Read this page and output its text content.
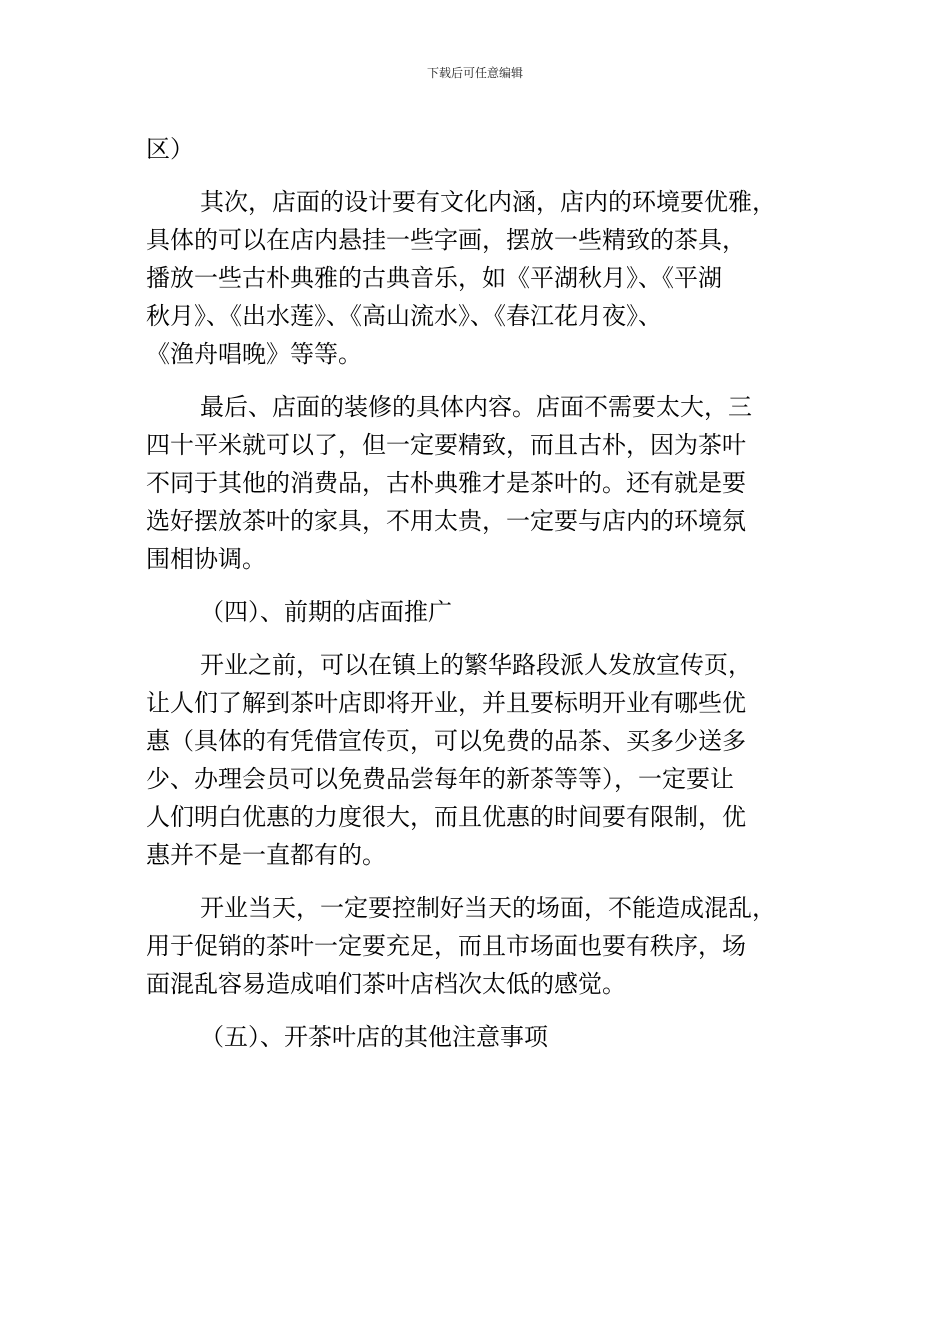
下载后可任意编辑
区）
其次，店面的设计要有文化内涵，店内的环境要优雅，
具体的可以在店内悬挂一些字画，摆放一些精致的茶具，
播放一些古朴典雅的古典音乐，如《平湖秋月》、《平湖
秋月》、《出水莲》、《高山流水》、《春江花月夜》、
《渔舟唱晚》等等。
最后、店面的装修的具体内容。店面不需要太大，三
四十平米就可以了，但一定要精致，而且古朴，因为茶叶
不同于其他的消费品，古朴典雅才是茶叶的。还有就是要
选好摆放茶叶的家具，不用太贵，一定要与店内的环境氛
围相协调。
（四）、前期的店面推广
开业之前，可以在镇上的繁华路段派人发放宣传页，
让人们了解到茶叶店即将开业，并且要标明开业有哪些优
惠（具体的有凭借宣传页，可以免费的品茶、买多少送多
少、办理会员可以免费品尝每年的新茶等等），一定要让
人们明白优惠的力度很大，而且优惠的时间要有限制，优
惠并不是一直都有的。
开业当天，一定要控制好当天的场面，不能造成混乱，
用于促销的茶叶一定要充足，而且市场面也要有秩序，场
面混乱容易造成咱们茶叶店档次太低的感觉。
（五）、开茶叶店的其他注意事项
